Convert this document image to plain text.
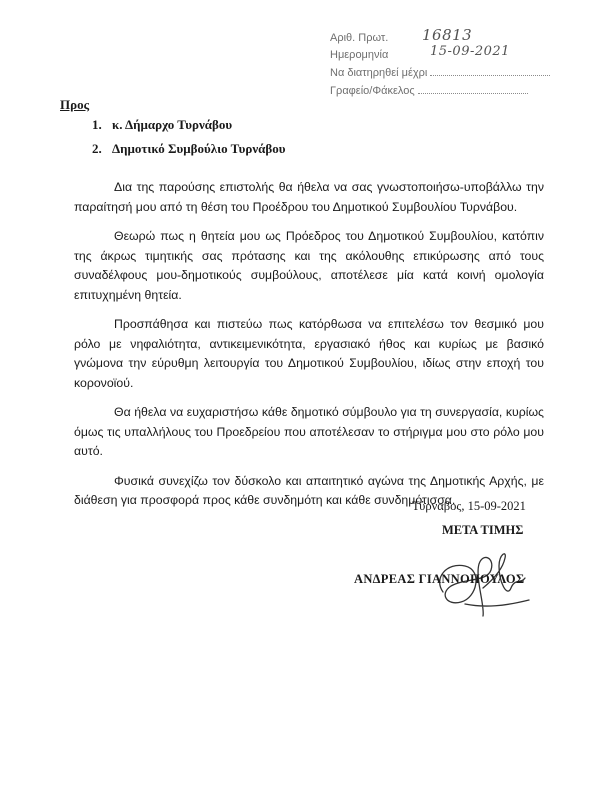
Αριθ. Πρωτ. 16813
Ημερομηνία	15-09-2021
Να διατηρηθεί μέχρι
Γραφείο/Φάκελος

Προς

1. κ. Δήμαρχο Τυρνάβου
2. Δημοτικό Συμβούλιο Τυρνάβου

Δια της παρούσης επιστολής θα ήθελα να σας γνωστοποιήσω-υποβάλλω την παραίτησή μου από τη θέση του Προέδρου του Δημοτικού Συμβουλίου Τυρνάβου.

Θεωρώ πως η θητεία μου ως Πρόεδρος του Δημοτικού Συμβουλίου, κατόπιν της άκρως τιμητικής σας πρότασης και της ακόλουθης επικύρωσης από τους συναδέλφους μου-δημοτικούς συμβούλους, αποτέλεσε μία κατά κοινή ομολογία επιτυχημένη θητεία.

Προσπάθησα και πιστεύω πως κατόρθωσα να επιτελέσω τον θεσμικό μου ρόλο με νηφαλιότητα, αντικειμενικότητα, εργασιακό ήθος και κυρίως με βασικό γνώμονα την εύρυθμη λειτουργία του Δημοτικού Συμβουλίου, ιδίως στην εποχή του κορονοϊού.

Θα ήθελα να ευχαριστήσω κάθε δημοτικό σύμβουλο για τη συνεργασία, κυρίως όμως τις υπαλλήλους του Προεδρείου που αποτέλεσαν το στήριγμα μου στο ρόλο μου αυτό.

Φυσικά συνεχίζω τον δύσκολο και απαιτητικό αγώνα της Δημοτικής Αρχής, με διάθεση για προσφορά προς κάθε συνδημότη και κάθε συνδημότισσα.

Τύρναβος, 15-09-2021

ΜΕΤΑ ΤΙΜΗΣ

ΑΝΔΡΕΑΣ ΓΙΑΝΝΟΠΟΥΛΟΣ
